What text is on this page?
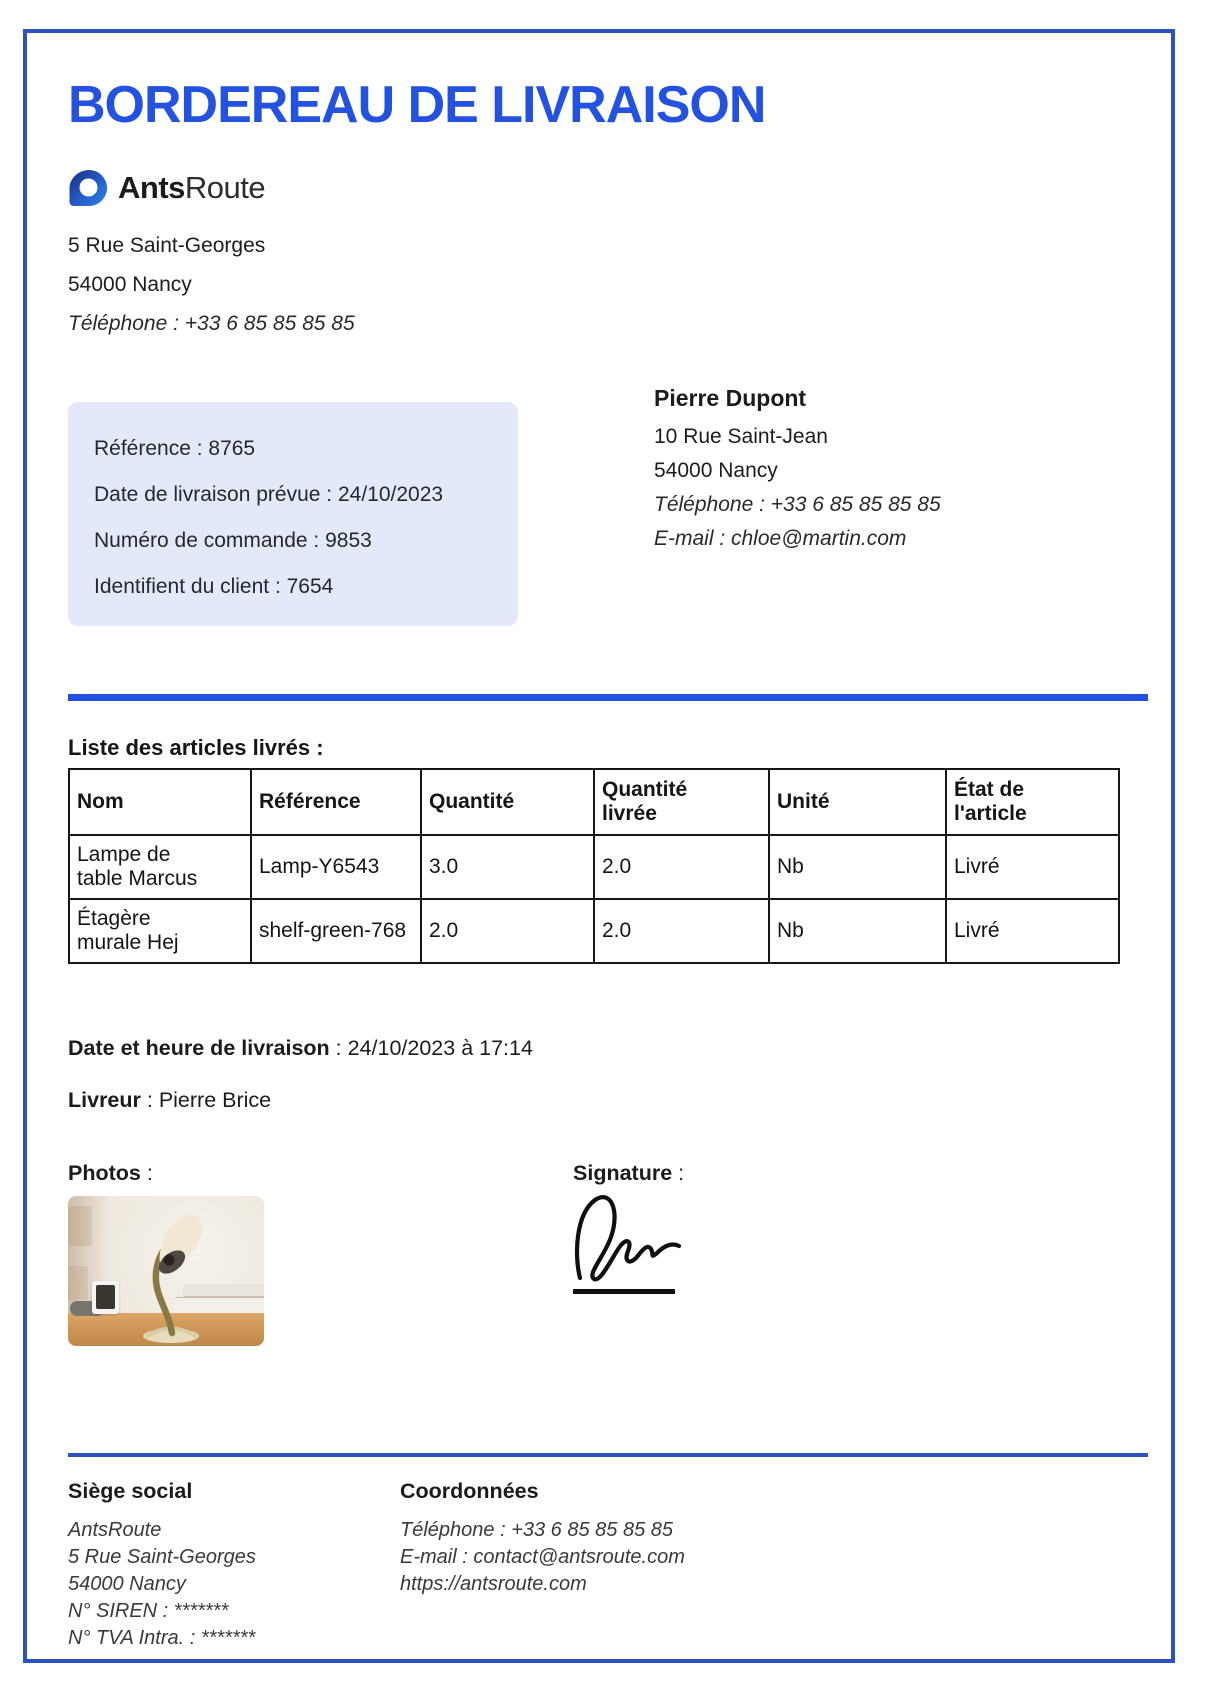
BORDEREAU DE LIVRAISON
AntsRoute
5 Rue Saint-Georges
54000 Nancy
Téléphone : +33 6 85 85 85 85
Référence : 8765
Date de livraison prévue : 24/10/2023
Numéro de commande : 9853
Identifient du client : 7654
Pierre Dupont
10 Rue Saint-Jean
54000 Nancy
Téléphone : +33 6 85 85 85 85
E-mail : chloe@martin.com
Liste des articles livrés :
Nom	Référence	Quantité	Quantité livrée	Unité	État de l'article

Lampe de table Marcus	Lamp-Y6543	3.0	2.0	Nb	Livré

Étagère murale Hej	shelf-green-768	2.0	2.0	Nb	Livré
Date et heure de livraison : 24/10/2023 à 17:14
Livreur : Pierre Brice
Photos :	Signature :
Siège social
AntsRoute
5 Rue Saint-Georges
54000 Nancy
N° SIREN : *******
N° TVA Intra. : *******
Coordonnées
Téléphone : +33 6 85 85 85 85
E-mail : contact@antsroute.com
https://antsroute.com
